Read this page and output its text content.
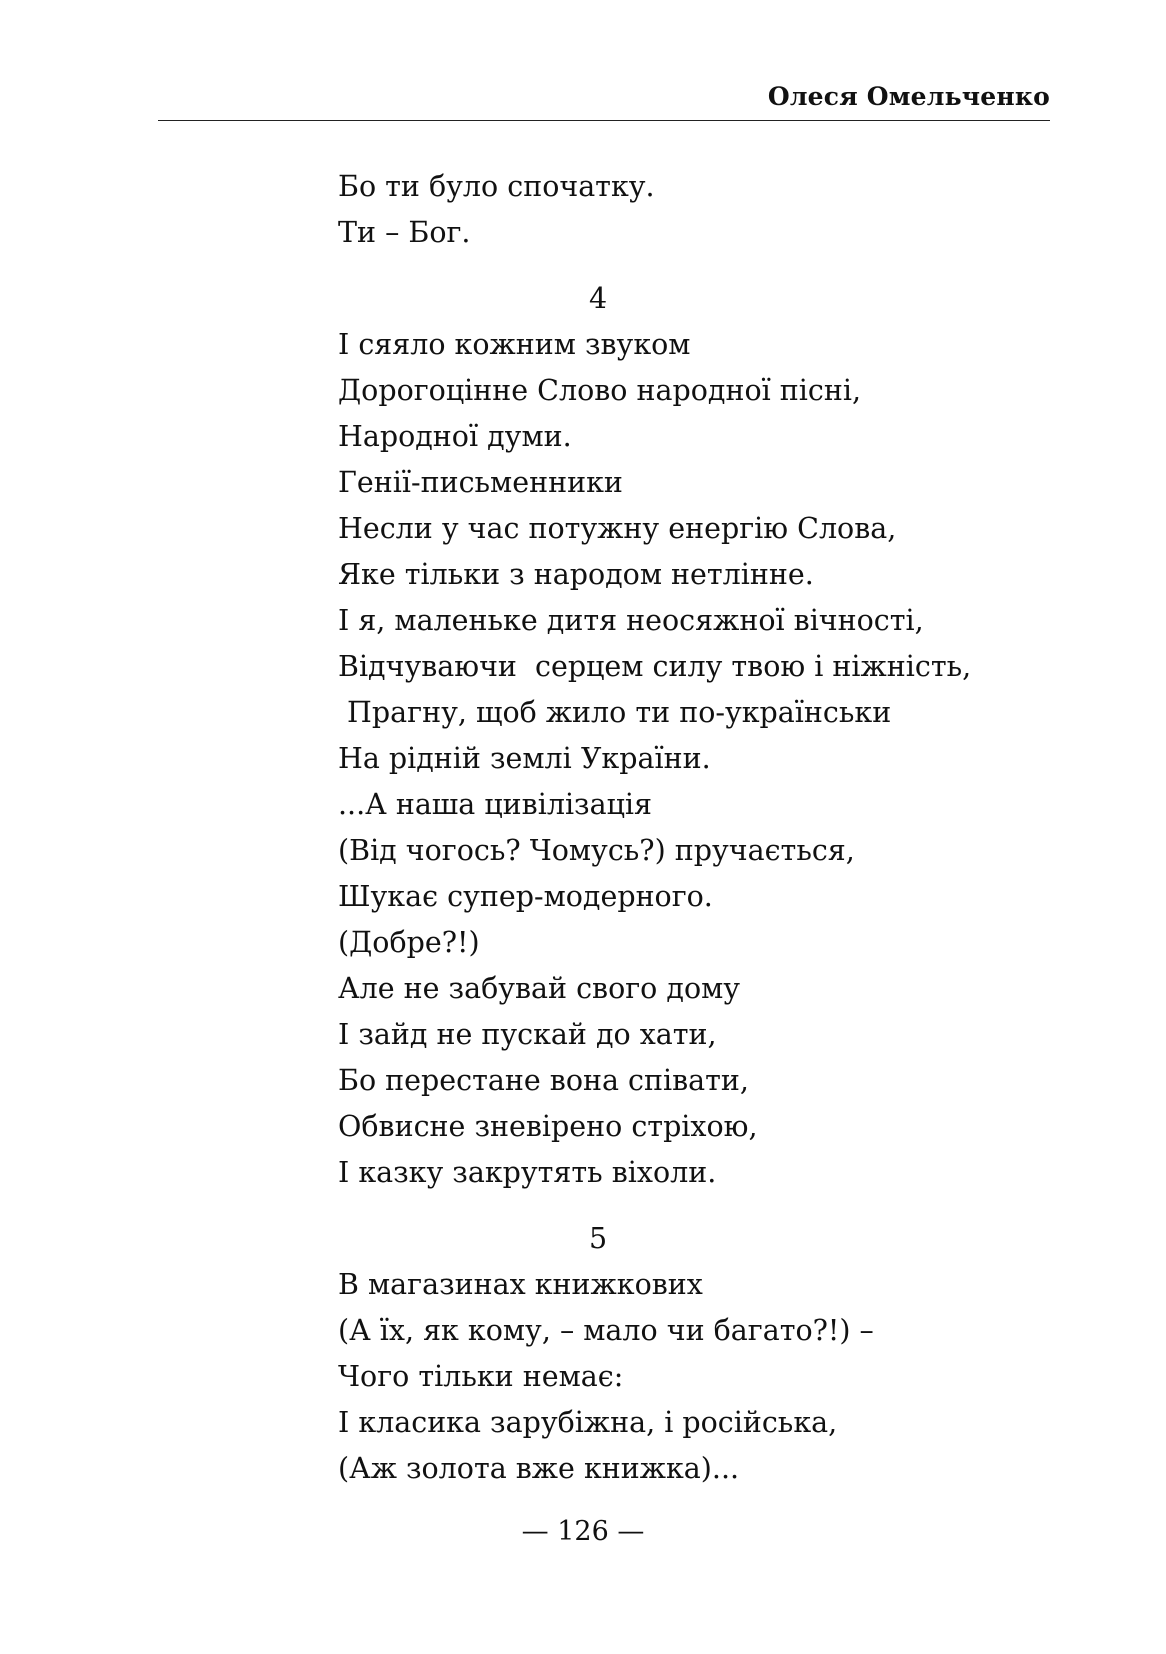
Олеся Омельченко
Бо ти було спочатку.
Ти – Бог.
4
І сяяло кожним звуком
Дорогоцінне Слово народної пісні,
Народної думи.
Генії-письменники
Несли у час потужну енергію Слова,
Яке тільки з народом нетлінне.
І я, маленьке дитя неосяжної вічності,
Відчуваючи  серцем силу твою і ніжність,
Прагну, щоб жило ти по-українськи
На рідній землі України.
...А наша цивілізація
(Від чогось? Чомусь?) пручається,
Шукає супер-модерного.
(Добре?!)
Але не забувай свого дому
І зайд не пускай до хати,
Бо перестане вона співати,
Обвисне зневірено стріхою,
І казку закрутять віхоли.
5
В магазинах книжкових
(А їх, як кому, – мало чи багато?!) –
Чого тільки немає:
І класика зарубіжна, і російська,
(Аж золота вже книжка)...
— 126 —
